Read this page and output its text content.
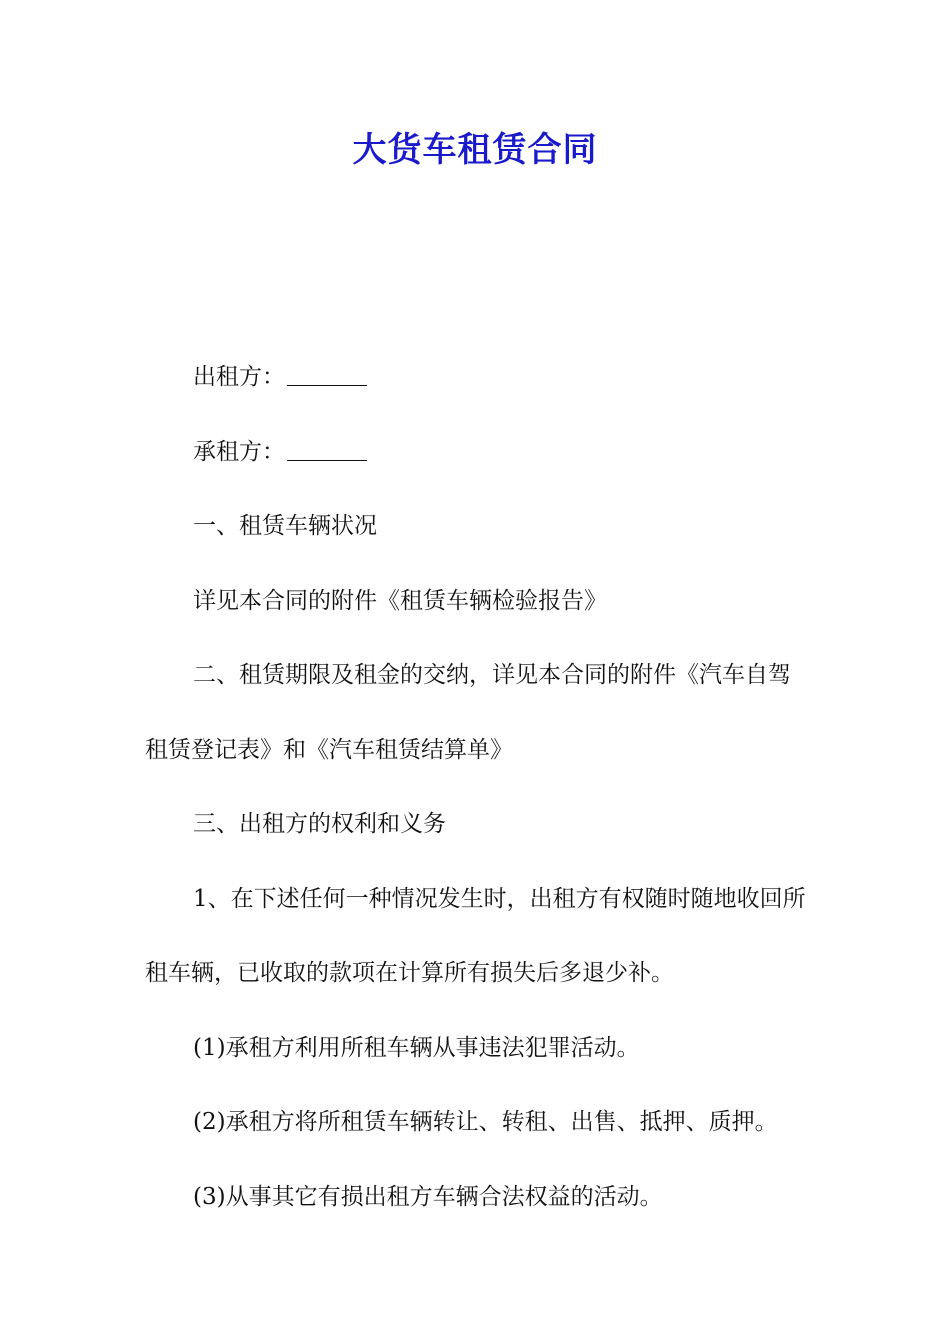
大货车租赁合同

出租方：

承租方：

一、租赁车辆状况

详见本合同的附件《租赁车辆检验报告》

二、租赁期限及租金的交纳，详见本合同的附件《汽车自驾租赁登记表》和《汽车租赁结算单》

三、出租方的权利和义务

1、在下述任何一种情况发生时，出租方有权随时随地收回所租车辆，已收取的款项在计算所有损失后多退少补。

(1)承租方利用所租车辆从事违法犯罪活动。

(2)承租方将所租赁车辆转让、转租、出售、抵押、质押。

(3)从事其它有损出租方车辆合法权益的活动。
